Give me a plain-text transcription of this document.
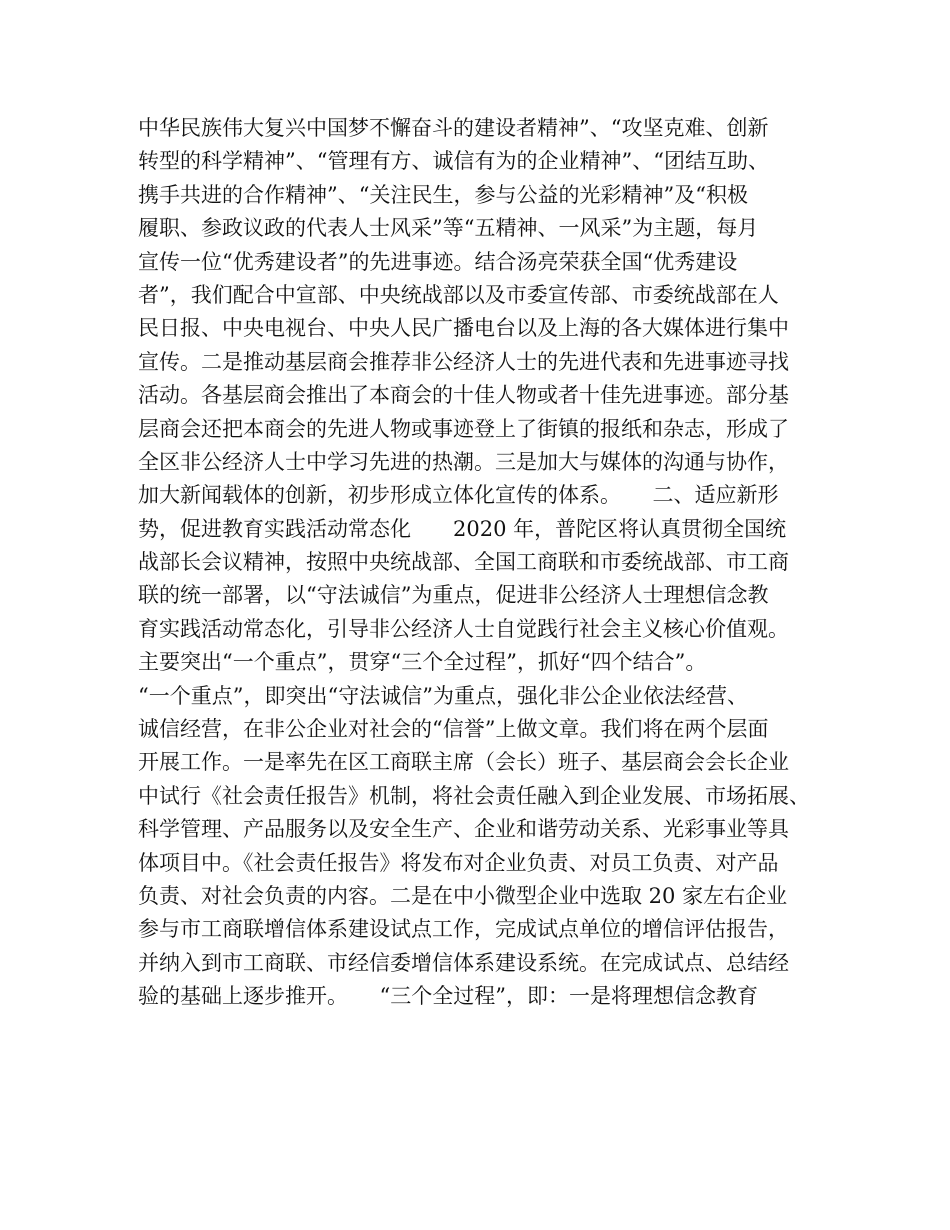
中华民族伟大复兴中国梦不懈奋斗的建设者精神”、“攻坚克难、创新
转型的科学精神”、“管理有方、诚信有为的企业精神”、“团结互助、
携手共进的合作精神”、“关注民生，参与公益的光彩精神”及“积极
履职、参政议政的代表人士风采”等“五精神、一风采”为主题，每月
宣传一位“优秀建设者”的先进事迹。结合汤亮荣获全国“优秀建设
者”，我们配合中宣部、中央统战部以及市委宣传部、市委统战部在人
民日报、中央电视台、中央人民广播电台以及上海的各大媒体进行集中
宣传。二是推动基层商会推荐非公经济人士的先进代表和先进事迹寻找
活动。各基层商会推出了本商会的十佳人物或者十佳先进事迹。部分基
层商会还把本商会的先进人物或事迹登上了街镇的报纸和杂志，形成了
全区非公经济人士中学习先进的热潮。三是加大与媒体的沟通与协作，
加大新闻载体的创新，初步形成立体化宣传的体系。　　二、适应新形
势，促进教育实践活动常态化　　2020 年，普陀区将认真贯彻全国统
战部长会议精神，按照中央统战部、全国工商联和市委统战部、市工商
联的统一部署，以“守法诚信”为重点，促进非公经济人士理想信念教
育实践活动常态化，引导非公经济人士自觉践行社会主义核心价值观。
主要突出“一个重点”，贯穿“三个全过程”，抓好“四个结合”。
“一个重点”，即突出“守法诚信”为重点，强化非公企业依法经营、
诚信经营，在非公企业对社会的“信誉”上做文章。我们将在两个层面
开展工作。一是率先在区工商联主席（会长）班子、基层商会会长企业
中试行《社会责任报告》机制，将社会责任融入到企业发展、市场拓展、
科学管理、产品服务以及安全生产、企业和谐劳动关系、光彩事业等具
体项目中。《社会责任报告》将发布对企业负责、对员工负责、对产品
负责、对社会负责的内容。二是在中小微型企业中选取 20 家左右企业
参与市工商联增信体系建设试点工作，完成试点单位的增信评估报告，
并纳入到市工商联、市经信委增信体系建设系统。在完成试点、总结经
验的基础上逐步推开。　　“三个全过程”，即：一是将理想信念教育
